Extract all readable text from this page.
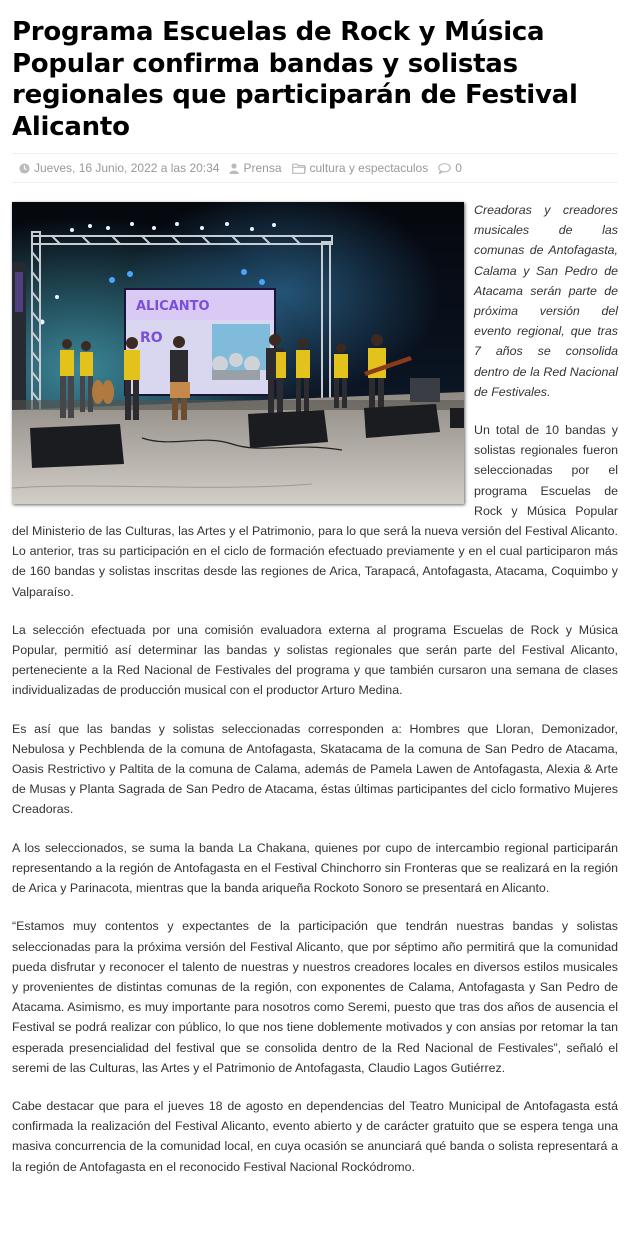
Programa Escuelas de Rock y Música Popular confirma bandas y solistas regionales que participarán de Festival Alicanto
Jueves, 16 Junio, 2022 a las 20:34 Prensa cultura y espectaculos 0
ALICANTO
RO

Creadoras y creadores musicales de las comunas de Antofagasta, Calama y San Pedro de Atacama serán parte de próxima versión del evento regional, que tras 7 años se consolida dentro de la Red Nacional de Festivales.

Un total de 10 bandas y solistas regionales fueron seleccionadas por el programa Escuelas de Rock y Música Popular del Ministerio de las Culturas, las Artes y el Patrimonio, para lo que será la nueva versión del Festival Alicanto. Lo anterior, tras su participación en el ciclo de formación efectuado previamente y en el cual participaron más de 160 bandas y solistas inscritas desde las regiones de Arica, Tarapacá, Antofagasta, Atacama, Coquimbo y Valparaíso.

La selección efectuada por una comisión evaluadora externa al programa Escuelas de Rock y Música Popular, permitió así determinar las bandas y solistas regionales que serán parte del Festival Alicanto, perteneciente a la Red Nacional de Festivales del programa y que también cursaron una semana de clases individualizadas de producción musical con el productor Arturo Medina.

Es así que las bandas y solistas seleccionadas corresponden a: Hombres que Lloran, Demonizador, Nebulosa y Pechblenda de la comuna de Antofagasta, Skatacama de la comuna de San Pedro de Atacama, Oasis Restrictivo y Paltita de la comuna de Calama, además de Pamela Lawen de Antofagasta, Alexia & Arte de Musas y Planta Sagrada de San Pedro de Atacama, éstas últimas participantes del ciclo formativo Mujeres Creadoras.

A los seleccionados, se suma la banda La Chakana, quienes por cupo de intercambio regional participarán representando a la región de Antofagasta en el Festival Chinchorro sin Fronteras que se realizará en la región de Arica y Parinacota, mientras que la banda ariqueña Rockoto Sonoro se presentará en Alicanto.

“Estamos muy contentos y expectantes de la participación que tendrán nuestras bandas y solistas seleccionadas para la próxima versión del Festival Alicanto, que por séptimo año permitirá que la comunidad pueda disfrutar y reconocer el talento de nuestras y nuestros creadores locales en diversos estilos musicales y provenientes de distintas comunas de la región, con exponentes de Calama, Antofagasta y San Pedro de Atacama. Asimismo, es muy importante para nosotros como Seremi, puesto que tras dos años de ausencia el Festival se podrá realizar con público, lo que nos tiene doblemente motivados y con ansias por retomar la tan esperada presencialidad del festival que se consolida dentro de la Red Nacional de Festivales”, señaló el seremi de las Culturas, las Artes y el Patrimonio de Antofagasta, Claudio Lagos Gutiérrez.

Cabe destacar que para el jueves 18 de agosto en dependencias del Teatro Municipal de Antofagasta está confirmada la realización del Festival Alicanto, evento abierto y de carácter gratuito que se espera tenga una masiva concurrencia de la comunidad local, en cuya ocasión se anunciará qué banda o solista representará a la región de Antofagasta en el reconocido Festival Nacional Rockódromo.
